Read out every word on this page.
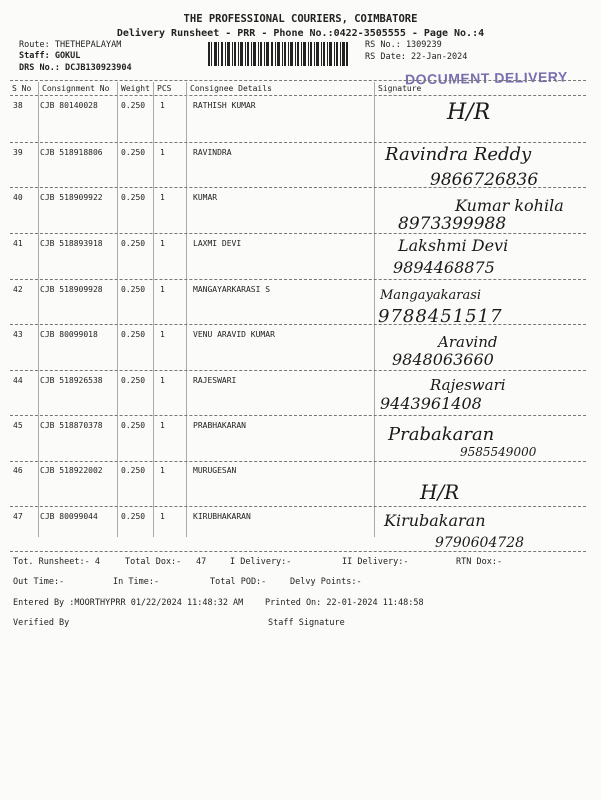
THE PROFESSIONAL COURIERS, COIMBATORE
Delivery Runsheet - PRR - Phone No.:0422-3505555 - Page No.:4
Route: THETHEPALAYAM
Staff: GOKUL
DRS No.: DCJB130923904
RS No.: 1309239
RS Date: 22-Jan-2024
DOCUMENT DELIVERY
S No Consignment No Weight PCS Consignee Details	Signature
38 CJB 80140028	0.250 1	RATHISH KUMAR	H/R
39 CJB 518918806 0.250 1	RAVINDRA	Ravindra Reddy
9866726836
40 CJB 518909922 0.250 1	KUMAR	Kumar kohila
8973399988
41 CJB 518893918 0.250 1	LAXMI DEVI	Lakshmi Devi
9894468875
42 CJB 518909928 0.250 1	MANGAYARKARASI S	Mangayakarasi
9788451517
43 CJB 80099018	0.250 1	VENU ARAVID KUMAR	Aravind
9848063660
44 CJB 518926538 0.250 1	RAJESWARI	Rajeswari
9443961408
45 CJB 518870378 0.250 1	PRABHAKARAN	Prabakaran
9585549000
46 CJB 518922002 0.250 1	MURUGESAN
H/R
47 CJB 80099044	0.250 1	KIRUBHAKARAN	Kirubakaran
9790604728
Tot. Runsheet:- 4	Total Dox:- 47	I Delivery:-	II Delivery:-	RTN Dox:-
Out Time:-	In Time:-	Total POD:-	Delvy Points:-
Entered By :MOORTHYPRR 01/22/2024 11:48:32 AM	Printed On: 22-01-2024 11:48:58
Verified By	Staff Signature
